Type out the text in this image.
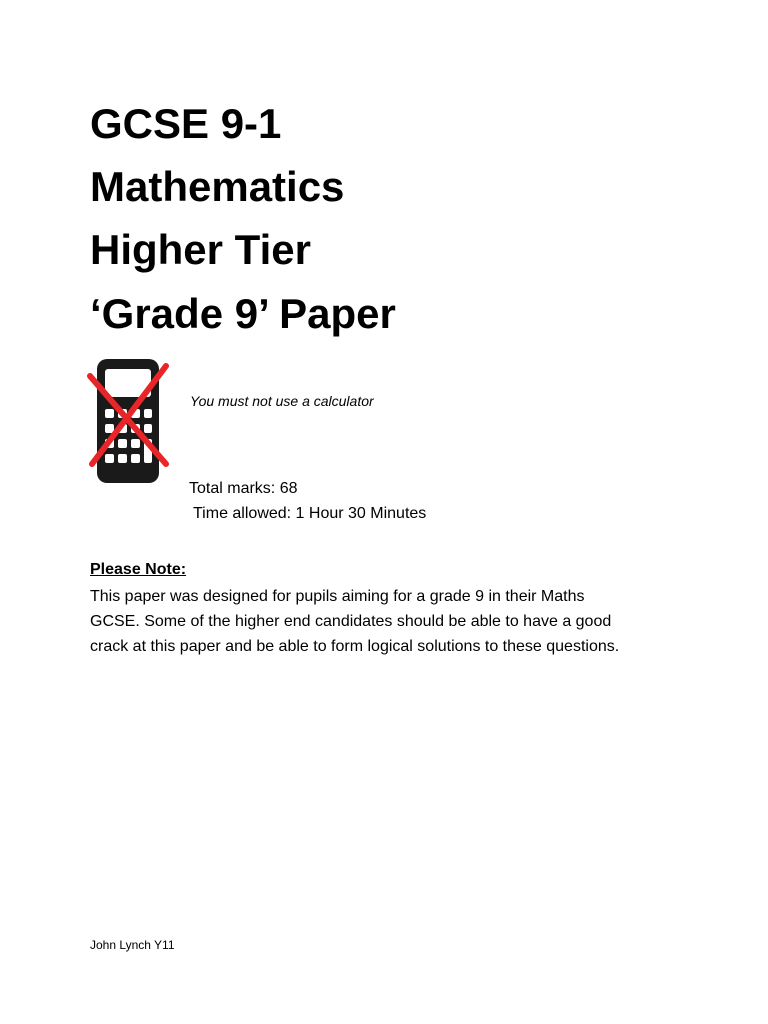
GCSE 9-1
Mathematics
Higher Tier
‘Grade 9’ Paper
You must not use a calculator
Total marks: 68
Time allowed: 1 Hour 30 Minutes
Please Note:
This paper was designed for pupils aiming for a grade 9 in their Maths
GCSE. Some of the higher end candidates should be able to have a good
crack at this paper and be able to form logical solutions to these questions.
John Lynch Y11
